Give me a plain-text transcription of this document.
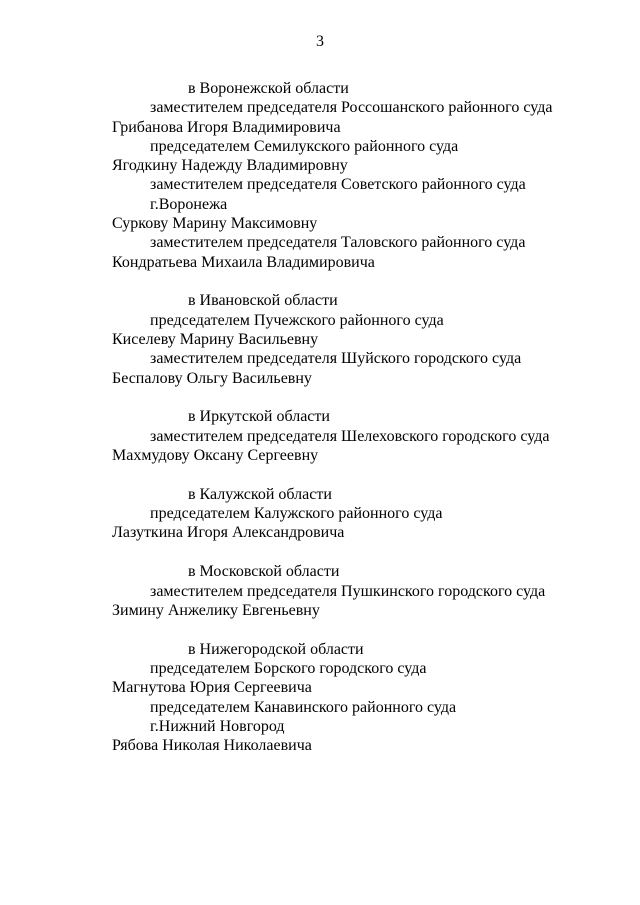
3
в Воронежской области
заместителем председателя Россошанского районного суда
Грибанова Игоря Владимировича
председателем Семилукского районного суда
Ягодкину Надежду Владимировну
заместителем председателя Советского районного суда
г.Воронежа
Суркову Марину Максимовну
заместителем председателя Таловского районного суда
Кондратьева Михаила Владимировича
в Ивановской области
председателем Пучежского районного суда
Киселеву Марину Васильевну
заместителем председателя Шуйского городского суда
Беспалову Ольгу Васильевну
в Иркутской области
заместителем председателя Шелеховского городского суда
Махмудову Оксану Сергеевну
в Калужской области
председателем Калужского районного суда
Лазуткина Игоря Александровича
в Московской области
заместителем председателя Пушкинского городского суда
Зимину Анжелику Евгеньевну
в Нижегородской области
председателем Борского городского суда
Магнутова Юрия Сергеевича
председателем Канавинского районного суда
г.Нижний Новгород
Рябова Николая Николаевича
